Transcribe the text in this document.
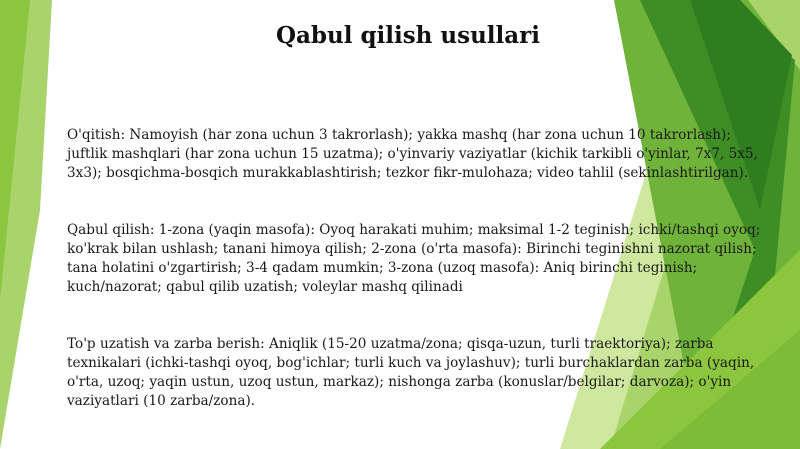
Qabul qilish usullari

O'qitish: Namoyish (har zona uchun 3 takrorlash); yakka mashq (har zona uchun 10 takrorlash); juftlik mashqlari (har zona uchun 15 uzatma); o'yinvariy vaziyatlar (kichik tarkibli o'yinlar, 7x7, 5x5, 3x3); bosqichma-bosqich murakkablashtirish; tezkor fikr-mulohaza; video tahlil (sekinlashtirilgan).

Qabul qilish: 1-zona (yaqin masofa): Oyoq harakati muhim; maksimal 1-2 teginish; ichki/tashqi oyoq; ko'krak bilan ushlash; tanani himoya qilish; 2-zona (o'rta masofa): Birinchi teginishni nazorat qilish; tana holatini o'zgartirish; 3-4 qadam mumkin; 3-zona (uzoq masofa): Aniq birinchi teginish; kuch/nazorat; qabul qilib uzatish; voleylar mashq qilinadi

To'p uzatish va zarba berish: Aniqlik (15-20 uzatma/zona; qisqa-uzun, turli traektoriya); zarba texnikalari (ichki-tashqi oyoq, bog'ichlar; turli kuch va joylashuv); turli burchaklardan zarba (yaqin, o'rta, uzoq; yaqin ustun, uzoq ustun, markaz); nishonga zarba (konuslar/belgilar; darvoza); o'yin vaziyatlari (10 zarba/zona).
